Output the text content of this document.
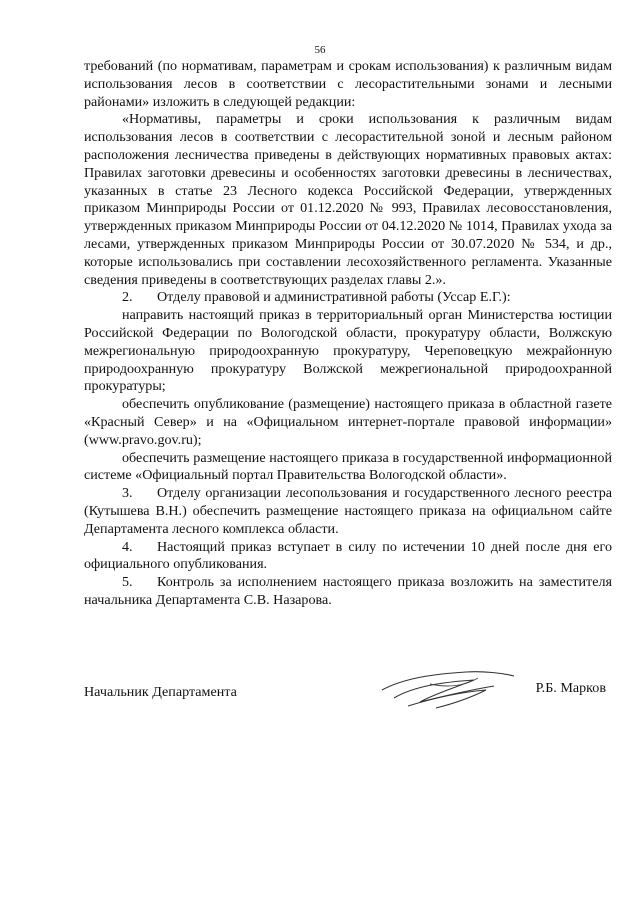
56

требований (по нормативам, параметрам и срокам использования) к различным видам использования лесов в соответствии с лесорастительными зонами и лесными районами» изложить в следующей редакции:

«Нормативы, параметры и сроки использования к различным видам использования лесов в соответствии с лесорастительной зоной и лесным районом расположения лесничества приведены в действующих нормативных правовых актах: Правилах заготовки древесины и особенностях заготовки древесины в лесничествах, указанных в статье 23 Лесного кодекса Российской Федерации, утвержденных приказом Минприроды России от 01.12.2020 № 993, Правилах лесовосстановления, утвержденных приказом Минприроды России от 04.12.2020 № 1014, Правилах ухода за лесами, утвержденных приказом Минприроды России от 30.07.2020 № 534, и др., которые использовались при составлении лесохозяйственного регламента. Указанные сведения приведены в соответствующих разделах главы 2.».

2. Отделу правовой и административной работы (Уссар Е.Г.):

направить настоящий приказ в территориальный орган Министерства юстиции Российской Федерации по Вологодской области, прокуратуру области, Волжскую межрегиональную природоохранную прокуратуру, Череповецкую межрайонную природоохранную прокуратуру Волжской межрегиональной природоохранной прокуратуры;

обеспечить опубликование (размещение) настоящего приказа в областной газете «Красный Север» и на «Официальном интернет-портале правовой информации» (www.pravo.gov.ru);

обеспечить размещение настоящего приказа в государственной информационной системе «Официальный портал Правительства Вологодской области».

3. Отделу организации лесопользования и государственного лесного реестра (Кутышева В.Н.) обеспечить размещение настоящего приказа на официальном сайте Департамента лесного комплекса области.

4. Настоящий приказ вступает в силу по истечении 10 дней после дня его официального опубликования.

5. Контроль за исполнением настоящего приказа возложить на заместителя начальника Департамента С.В. Назарова.

Начальник Департамента	Р.Б. Марков
